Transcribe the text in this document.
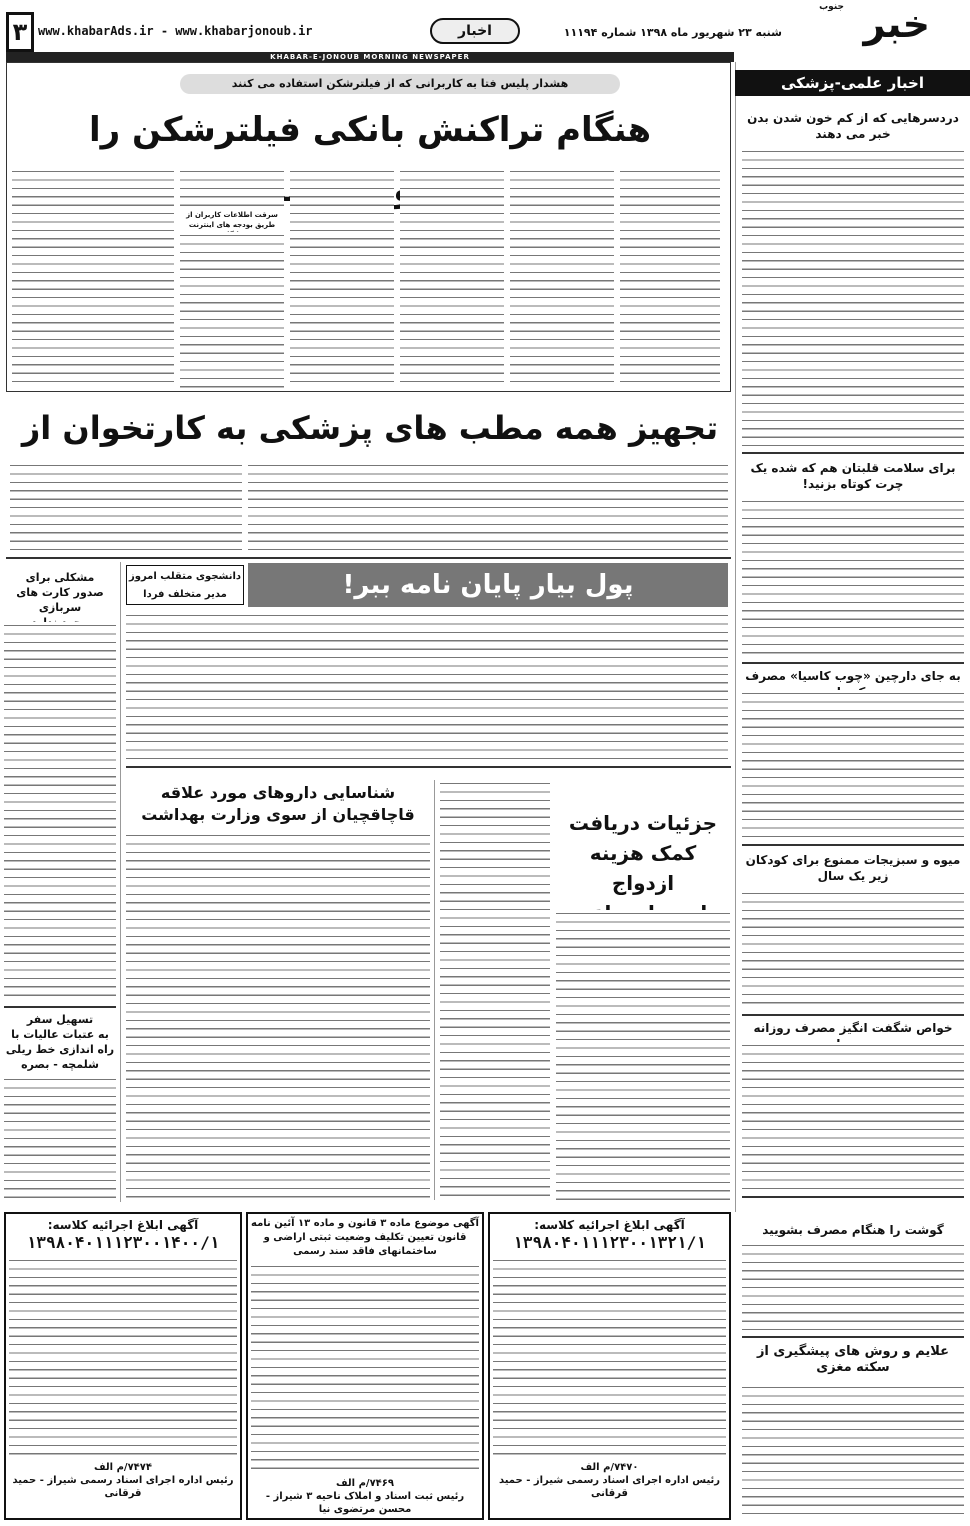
خبر
جنوب
شنبه ۲۳ شهریور ماه ۱۳۹۸ شماره ۱۱۱۹۴
اخبار
www.khabarAds.ir - www.khabarjonoub.ir
۳
KHABAR-E-JONOUB MORNING NEWSPAPER
اخبار علمی-پزشکی
دردسرهایی که از کم خون شدن بدن خبر می دهند
برای سلامت قلبتان هم که شده یک چرت کوتاه بزنید!
به جای دارچین «چوب کاسیا» مصرف
میوه و سبزیجات ممنوع برای کودکان زیر یک سال
خواص شگفت انگیز مصرف روزانه
گوشت را هنگام مصرف بشویید
علایم و روش های پیشگیری از سکته مغزی
هشدار پلیس فتا به کاربرانی که از فیلترشکن استفاده می کنند
هنگام تراکنش بانکی فیلترشکن را
سرقت اطلاعات کاربران از طریق بودجه های اینترنت
تجهیز همه مطب های پزشکی به کارتخوان از
پول بیار پایان نامه ببر!
دانشجوی متقلب امروز
مدیر متخلف فردا
جزئیات دریافت
کمک هزینه ازدواج
شناسایی داروهای مورد علاقه
قاچاقچیان از سوی وزارت بهداشت
مشکلی برای
صدور کارت های سربازی
تسهیل سفر
به عتبات عالیات با
راه اندازی خط ریلی
شلمچه - بصره
آگهی ابلاغ اجرائیه کلاسه:
۱۳۹۸۰۴۰۱۱۱۲۳۰۰۱۳۲۱/۱
۷۴۷۰/م الف
رئیس اداره اجرای اسناد رسمی شیراز - حمید قرقانی
آگهی موضوع ماده ۳ قانون و ماده ۱۳ آئین نامه قانون تعیین تکلیف وضعیت ثبتی اراضی و ساختمانهای فاقد سند رسمی
۷۴۶۹/م الف
رئیس ثبت اسناد و املاک ناحیه ۳ شیراز - محسن مرتضوی نیا
آگهی ابلاغ اجرائیه کلاسه:
۱۳۹۸۰۴۰۱۱۱۲۳۰۰۱۴۰۰/۱
۷۴۷۴/م الف
رئیس اداره اجرای اسناد رسمی شیراز - حمید قرقانی
